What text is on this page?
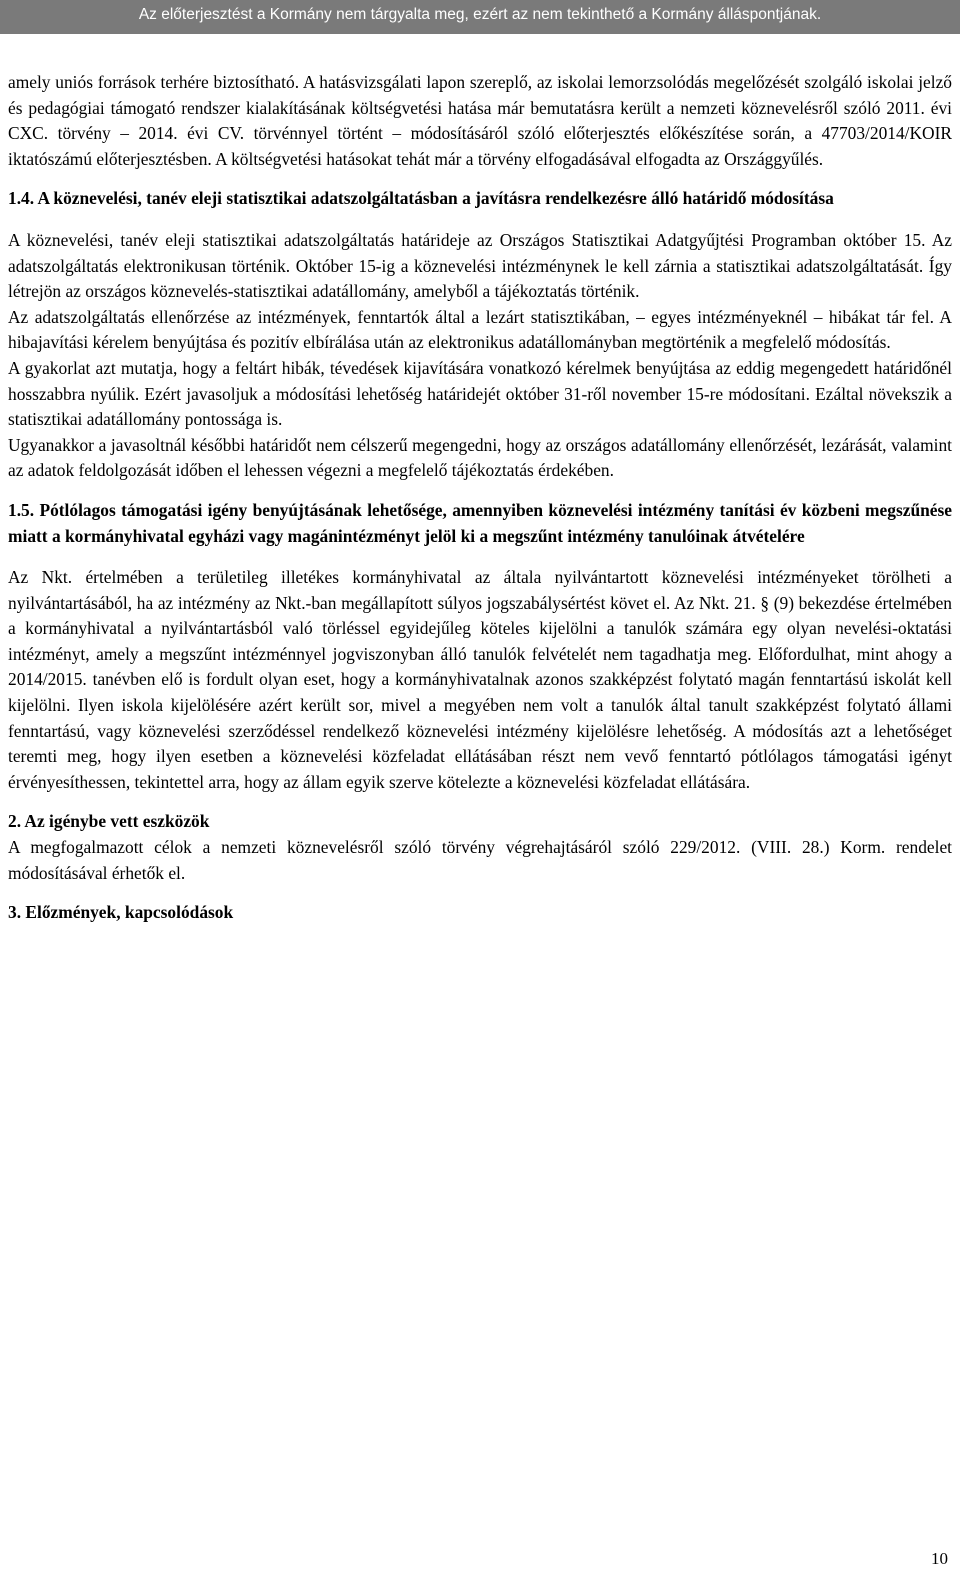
Az előterjesztést a Kormány nem tárgyalta meg, ezért az nem tekinthető a Kormány álláspontjának.

amely uniós források terhére biztosítható. A hatásvizsgálati lapon szereplő, az iskolai lemorzsolódás megelőzését szolgáló iskolai jelző és pedagógiai támogató rendszer kialakításának költségvetési hatása már bemutatásra került a nemzeti köznevelésről szóló 2011. évi CXC. törvény – 2014. évi CV. törvénnyel történt – módosításáról szóló előterjesztés előkészítése során, a 47703/2014/KOIR iktatószámú előterjesztésben. A költségvetési hatásokat tehát már a törvény elfogadásával elfogadta az Országgyűlés.

1.4. A köznevelési, tanév eleji statisztikai adatszolgáltatásban a javításra rendelkezésre álló határidő módosítása

A köznevelési, tanév eleji statisztikai adatszolgáltatás határideje az Országos Statisztikai Adatgyűjtési Programban október 15. Az adatszolgáltatás elektronikusan történik. Október 15-ig a köznevelési intézménynek le kell zárnia a statisztikai adatszolgáltatását. Így létrejön az országos köznevelés-statisztikai adatállomány, amelyből a tájékoztatás történik.

Az adatszolgáltatás ellenőrzése az intézmények, fenntartók által a lezárt statisztikában, – egyes intézményeknél – hibákat tár fel. A hibajavítási kérelem benyújtása és pozitív elbírálása után az elektronikus adatállományban megtörténik a megfelelő módosítás.

A gyakorlat azt mutatja, hogy a feltárt hibák, tévedések kijavítására vonatkozó kérelmek benyújtása az eddig megengedett határidőnél hosszabbra nyúlik. Ezért javasoljuk a módosítási lehetőség határidejét október 31-ről november 15-re módosítani. Ezáltal növekszik a statisztikai adatállomány pontossága is.

Ugyanakkor a javasoltnál későbbi határidőt nem célszerű megengedni, hogy az országos adatállomány ellenőrzését, lezárását, valamint az adatok feldolgozását időben el lehessen végezni a megfelelő tájékoztatás érdekében.

1.5. Pótlólagos támogatási igény benyújtásának lehetősége, amennyiben köznevelési intézmény tanítási év közbeni megszűnése miatt a kormányhivatal egyházi vagy magánintézményt jelöl ki a megszűnt intézmény tanulóinak átvételére

Az Nkt. értelmében a területileg illetékes kormányhivatal az általa nyilvántartott köznevelési intézményeket törölheti a nyilvántartásából, ha az intézmény az Nkt.-ban megállapított súlyos jogszabálysértést követ el. Az Nkt. 21. § (9) bekezdése értelmében a kormányhivatal a nyilvántartásból való törléssel egyidejűleg köteles kijelölni a tanulók számára egy olyan nevelési-oktatási intézményt, amely a megszűnt intézménnyel jogviszonyban álló tanulók felvételét nem tagadhatja meg. Előfordulhat, mint ahogy a 2014/2015. tanévben elő is fordult olyan eset, hogy a kormányhivatalnak azonos szakképzést folytató magán fenntartású iskolát kell kijelölni. Ilyen iskola kijelölésére azért került sor, mivel a megyében nem volt a tanulók által tanult szakképzést folytató állami fenntartású, vagy köznevelési szerződéssel rendelkező köznevelési intézmény kijelölésre lehetőség. A módosítás azt a lehetőséget teremti meg, hogy ilyen esetben a köznevelési közfeladat ellátásában részt nem vevő fenntartó pótlólagos támogatási igényt érvényesíthessen, tekintettel arra, hogy az állam egyik szerve kötelezte a köznevelési közfeladat ellátására.

2. Az igénybe vett eszközök

A megfogalmazott célok a nemzeti köznevelésről szóló törvény végrehajtásáról szóló 229/2012. (VIII. 28.) Korm. rendelet módosításával érhetők el.

3. Előzmények, kapcsolódások

10
